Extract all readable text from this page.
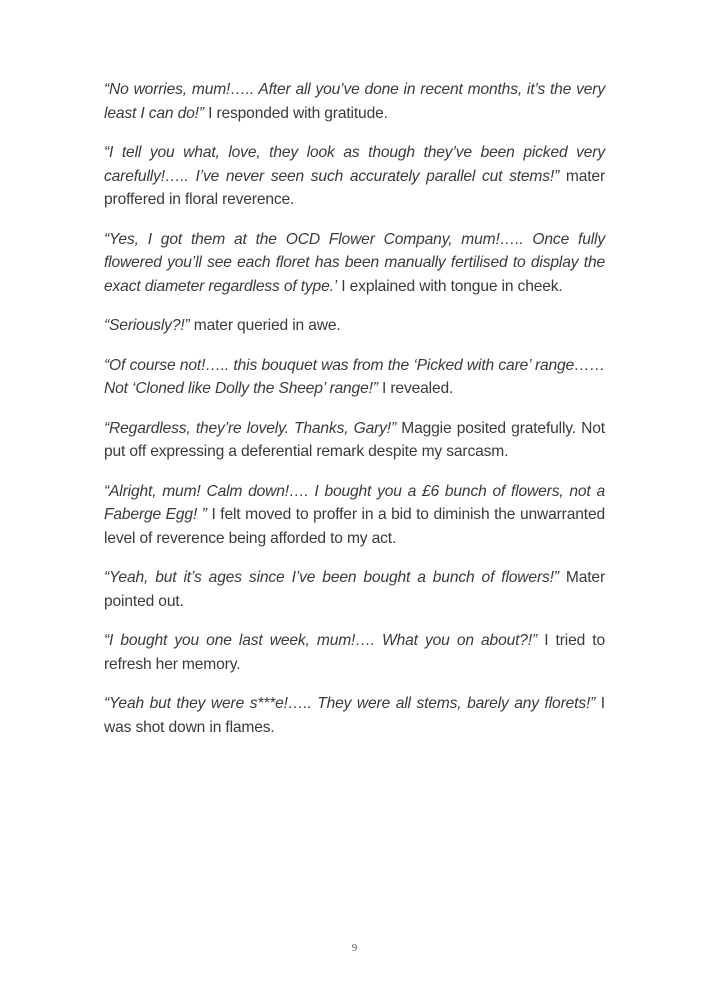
“No worries, mum!….. After all you’ve done in recent months, it’s the very least I can do!” I responded with gratitude.

“I tell you what, love, they look as though they’ve been picked very carefully!….. I’ve never seen such accurately parallel cut stems!” mater proffered in floral reverence.

“Yes, I got them at the OCD Flower Company, mum!….. Once fully flowered you’ll see each floret has been manually fertilised to display the exact diameter regardless of type.’ I explained with tongue in cheek.

“Seriously?!” mater queried in awe.

“Of course not!….. this bouquet was from the ‘Picked with care’ range…… Not ‘Cloned like Dolly the Sheep’ range!” I revealed.

“Regardless, they’re lovely. Thanks, Gary!” Maggie posited gratefully. Not put off expressing a deferential remark despite my sarcasm.

“Alright, mum! Calm down!…. I bought you a £6 bunch of flowers, not a Faberge Egg! ” I felt moved to proffer in a bid to diminish the unwarranted level of reverence being afforded to my act.

“Yeah, but it’s ages since I’ve been bought a bunch of flowers!” Mater pointed out.

“I bought you one last week, mum!…. What you on about?!” I tried to refresh her memory.

“Yeah but they were s***e!….. They were all stems, barely any florets!” I was shot down in flames.

9
